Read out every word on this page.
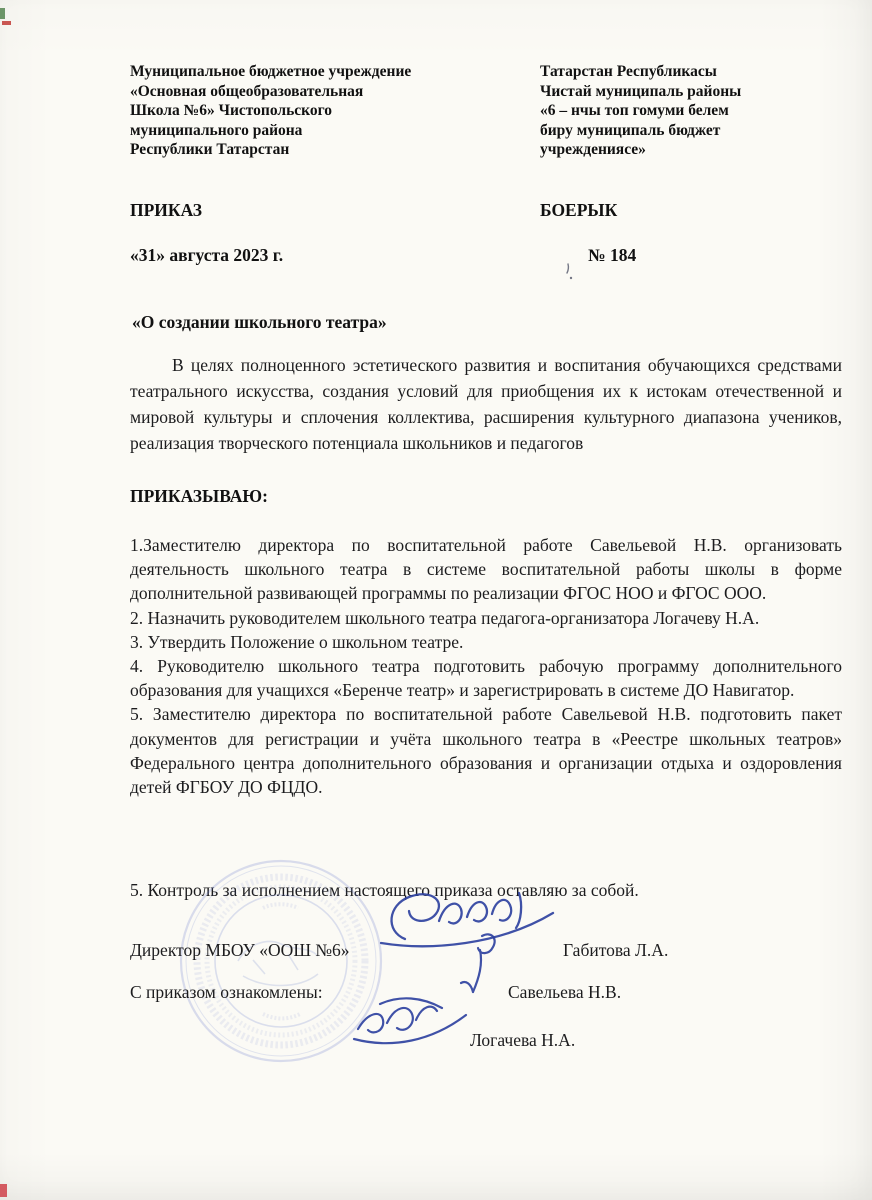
Муниципальное бюджетное учреждение
«Основная общеобразовательная
Школа №6» Чистопольского
муниципального района
Республики Татарстан
Татарстан Республикасы
Чистай муниципаль районы
«6 – нчы топ гомуми белем
биру муниципаль бюджет
учреждениясе»
ПРИКАЗ	БОЕРЫК
«31» августа 2023 г.	№ 184
«О создании школьного театра»
В целях полноценного эстетического развития и воспитания обучающихся средствами театрального искусства, создания условий для приобщения их к истокам отечественной и мировой культуры и сплочения коллектива, расширения культурного диапазона учеников, реализация творческого потенциала школьников и педагогов
ПРИКАЗЫВАЮ:

1.Заместителю директора по воспитательной работе Савельевой Н.В. организовать деятельность школьного театра в системе воспитательной работы школы в форме дополнительной развивающей программы по реализации ФГОС НОО и ФГОС ООО.

2. Назначить руководителем школьного театра педагога-организатора Логачеву Н.А.

3. Утвердить Положение о школьном театре.

4. Руководителю школьного театра подготовить рабочую программу дополнительного образования для учащихся «Беренче театр» и зарегистрировать в системе ДО Навигатор.

5. Заместителю директора по воспитательной работе Савельевой Н.В. подготовить пакет документов для регистрации и учёта школьного театра в «Реестре школьных театров» Федерального центра дополнительного образования и организации отдыха и оздоровления детей ФГБОУ ДО ФЦДО.

5. Контроль за исполнением настоящего приказа оставляю за собой.
Директор МБОУ «ООШ №6»	Габитова Л.А.
С приказом ознакомлены:	Савельева Н.В.
Логачева Н.А.
